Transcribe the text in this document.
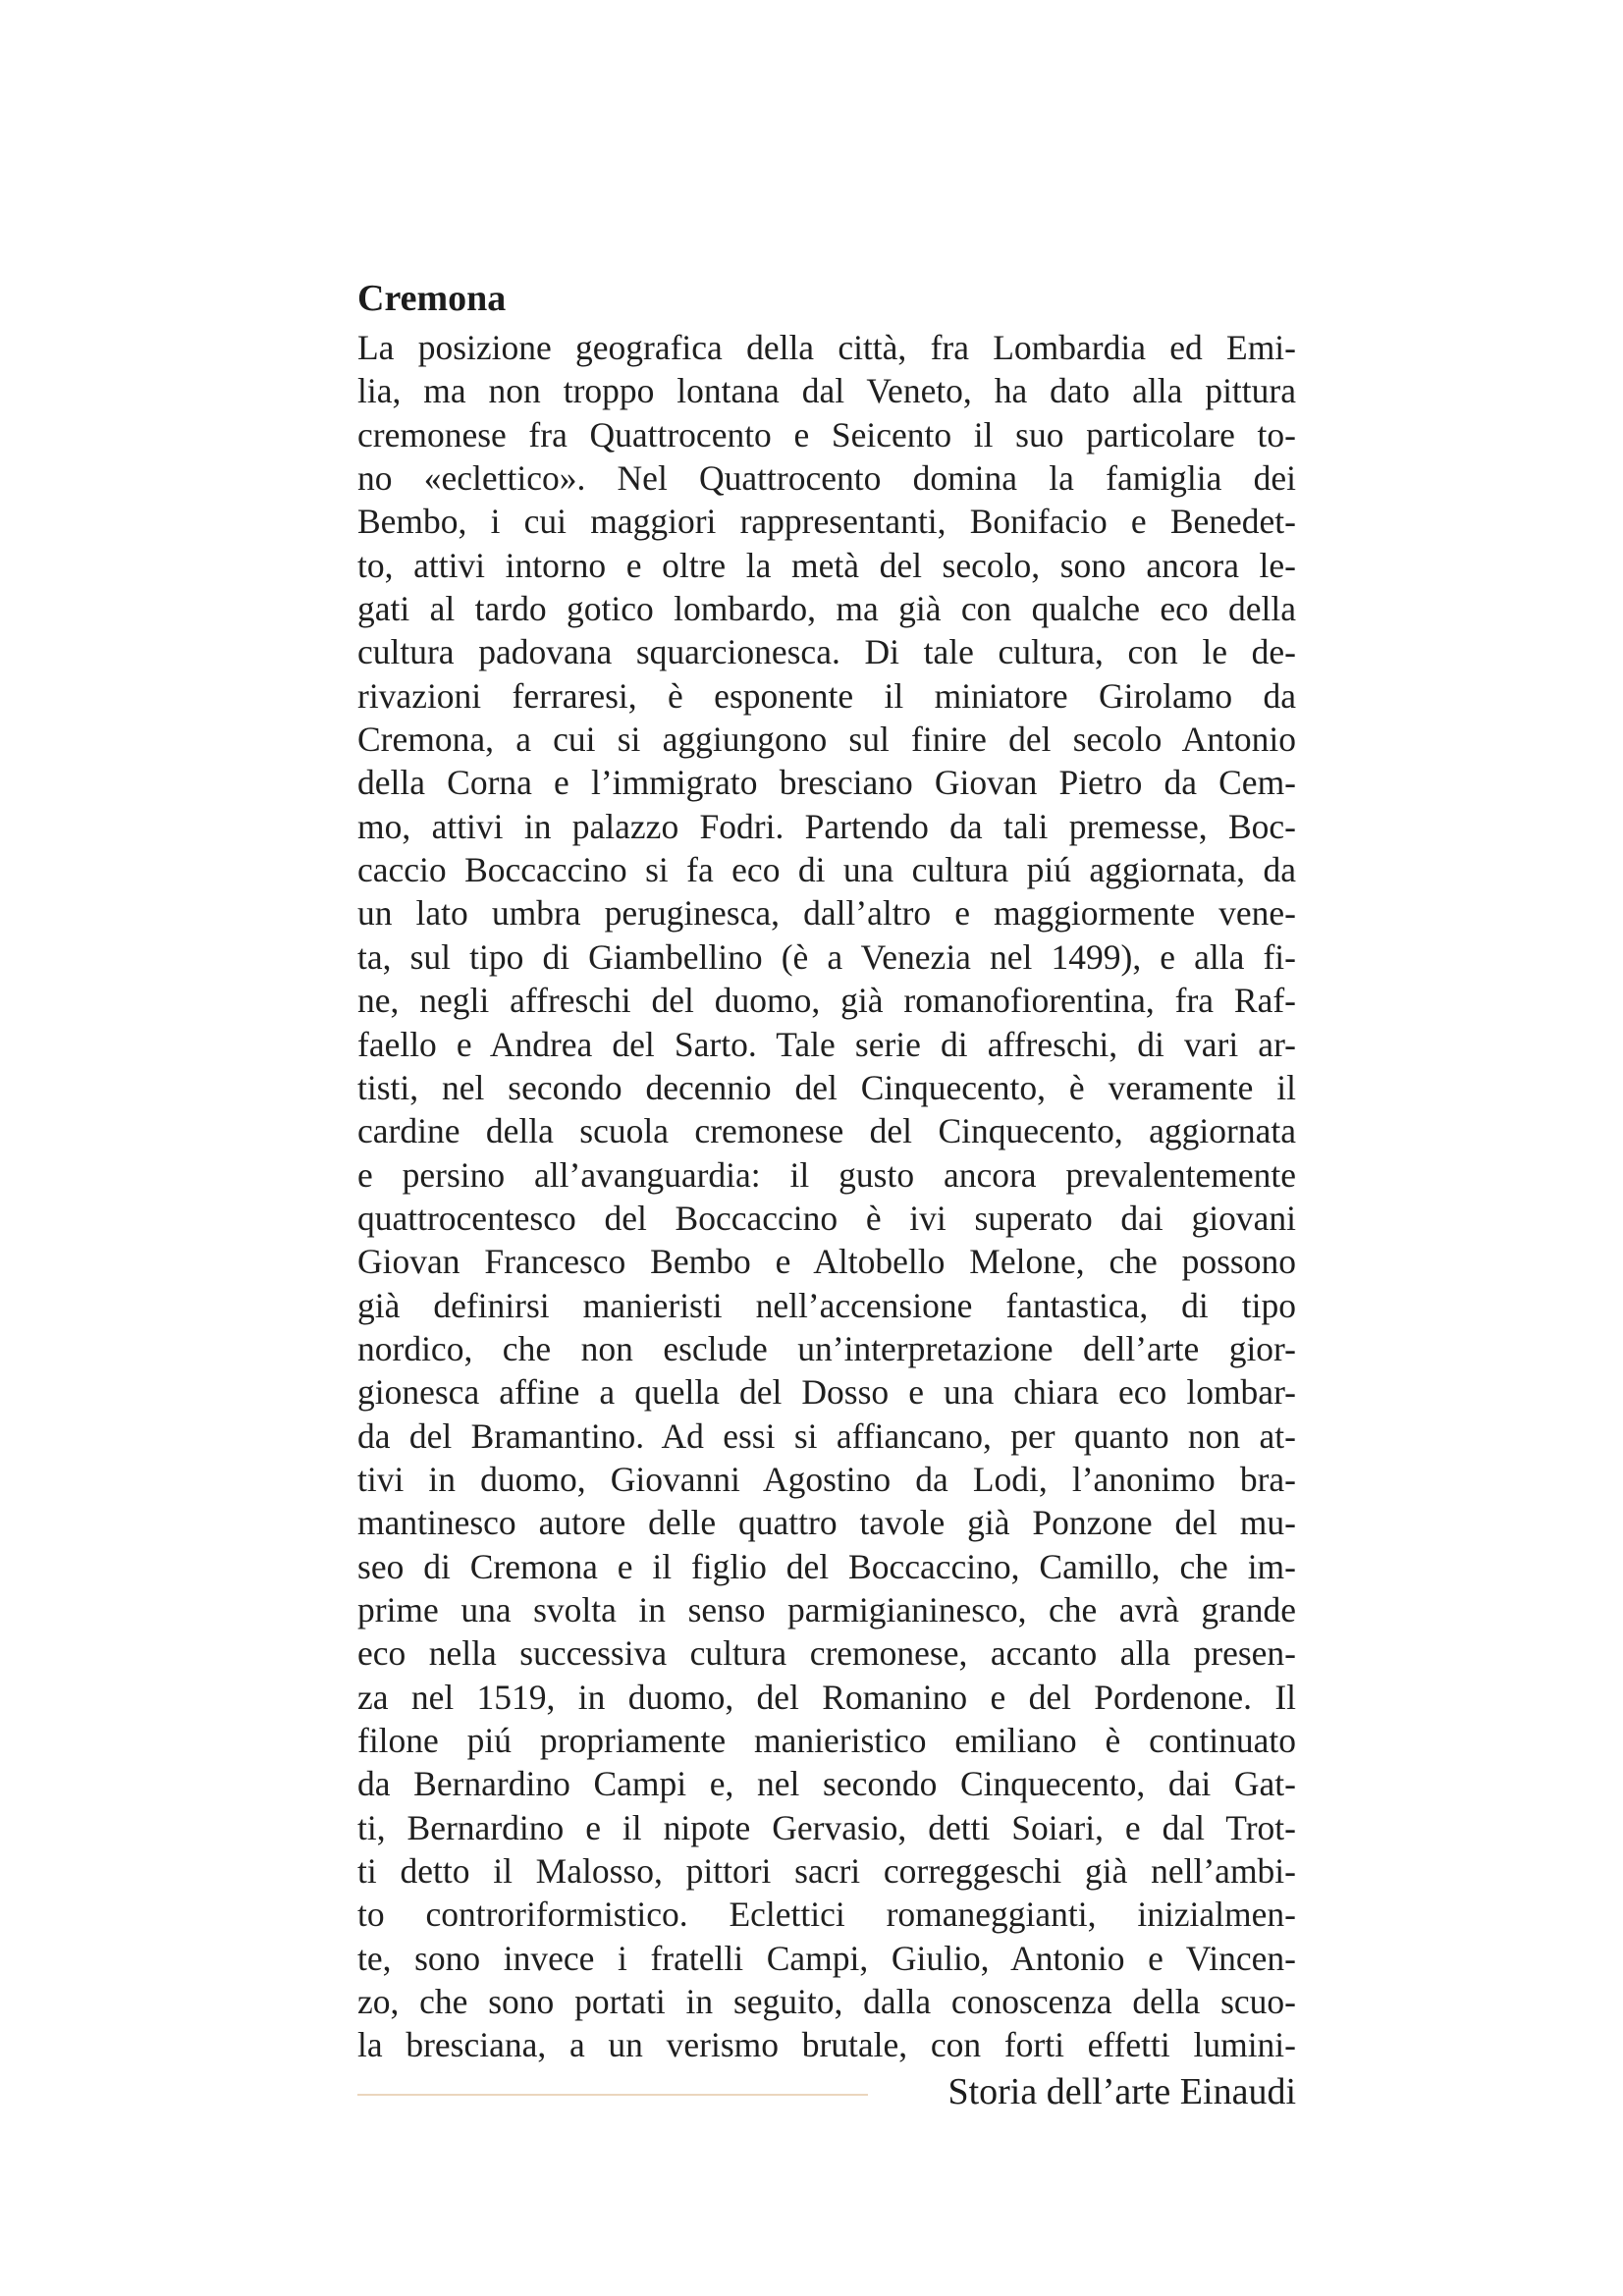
Cremona
La posizione geografica della città, fra Lombardia ed Emi-
lia, ma non troppo lontana dal Veneto, ha dato alla pittura
cremonese fra Quattrocento e Seicento il suo particolare to-
no «eclettico». Nel Quattrocento domina la famiglia dei
Bembo, i cui maggiori rappresentanti, Bonifacio e Benedet-
to, attivi intorno e oltre la metà del secolo, sono ancora le-
gati al tardo gotico lombardo, ma già con qualche eco della
cultura padovana squarcionesca. Di tale cultura, con le de-
rivazioni ferraresi, è esponente il miniatore Girolamo da
Cremona, a cui si aggiungono sul finire del secolo Antonio
della Corna e l’immigrato bresciano Giovan Pietro da Cem-
mo, attivi in palazzo Fodri. Partendo da tali premesse, Boc-
caccio Boccaccino si fa eco di una cultura piú aggiornata, da
un lato umbra peruginesca, dall’altro e maggiormente vene-
ta, sul tipo di Giambellino (è a Venezia nel 1499), e alla fi-
ne, negli affreschi del duomo, già romanofiorentina, fra Raf-
faello e Andrea del Sarto. Tale serie di affreschi, di vari ar-
tisti, nel secondo decennio del Cinquecento, è veramente il
cardine della scuola cremonese del Cinquecento, aggiornata
e persino all’avanguardia: il gusto ancora prevalentemente
quattrocentesco del Boccaccino è ivi superato dai giovani
Giovan Francesco Bembo e Altobello Melone, che possono
già definirsi manieristi nell’accensione fantastica, di tipo
nordico, che non esclude un’interpretazione dell’arte gior-
gionesca affine a quella del Dosso e una chiara eco lombar-
da del Bramantino. Ad essi si affiancano, per quanto non at-
tivi in duomo, Giovanni Agostino da Lodi, l’anonimo bra-
mantinesco autore delle quattro tavole già Ponzone del mu-
seo di Cremona e il figlio del Boccaccino, Camillo, che im-
prime una svolta in senso parmigianinesco, che avrà grande
eco nella successiva cultura cremonese, accanto alla presen-
za nel 1519, in duomo, del Romanino e del Pordenone. Il
filone piú propriamente manieristico emiliano è continuato
da Bernardino Campi e, nel secondo Cinquecento, dai Gat-
ti, Bernardino e il nipote Gervasio, detti Soiari, e dal Trot-
ti detto il Malosso, pittori sacri correggeschi già nell’ambi-
to controriformistico. Eclettici romaneggianti, inizialmen-
te, sono invece i fratelli Campi, Giulio, Antonio e Vincen-
zo, che sono portati in seguito, dalla conoscenza della scuo-
la bresciana, a un verismo brutale, con forti effetti lumini-
Storia dell’arte Einaudi
